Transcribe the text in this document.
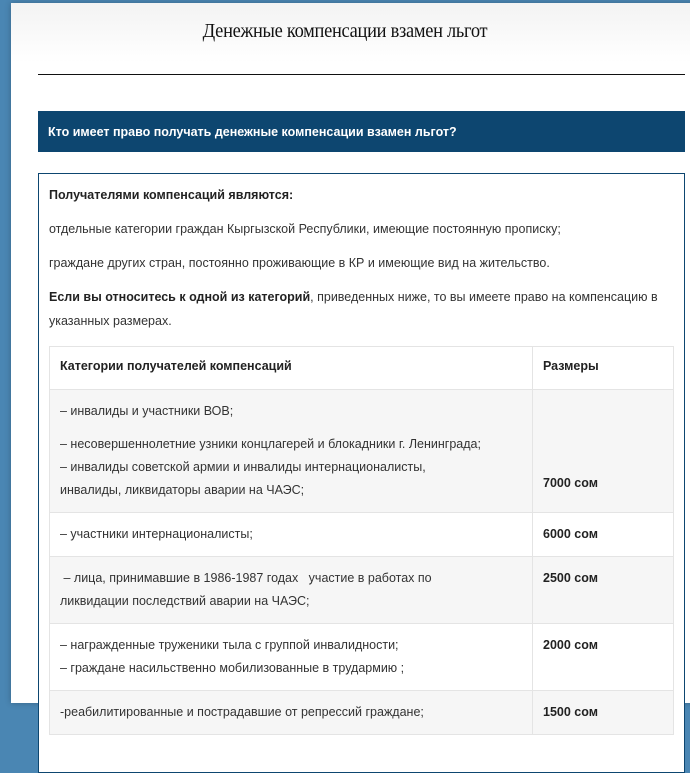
Денежные компенсации взамен льгот
Кто имеет право получать денежные компенсации взамен льгот?
Получателями компенсаций являются:
отдельные категории граждан Кыргызской Республики, имеющие постоянную прописку;
граждане других стран, постоянно проживающие в КР и имеющие вид на жительство.
Если вы относитесь к одной из категорий, приведенных ниже, то вы имеете право на компенсацию в указанных размерах.
Категории получателей компенсаций	Размеры

– инвалиды и участники ВОВ;
– несовершеннолетние узники концлагерей и блокадники г. Ленинграда;
– инвалиды советской армии и инвалиды интернационалисты,
инвалиды, ликвидаторы аварии на ЧАЭС;	7000 сом

– участники интернационалисты;	6000 сом

– лица, принимавшие в 1986-1987 годах   участие в работах по
ликвидации последствий аварии на ЧАЭС;	2500 сом

– награжденные труженики тыла с группой инвалидности;
– граждане насильственно мобилизованные в трудармию ;	2000 сом

-реабилитированные и пострадавшие от репрессий граждане;	1500 сом
